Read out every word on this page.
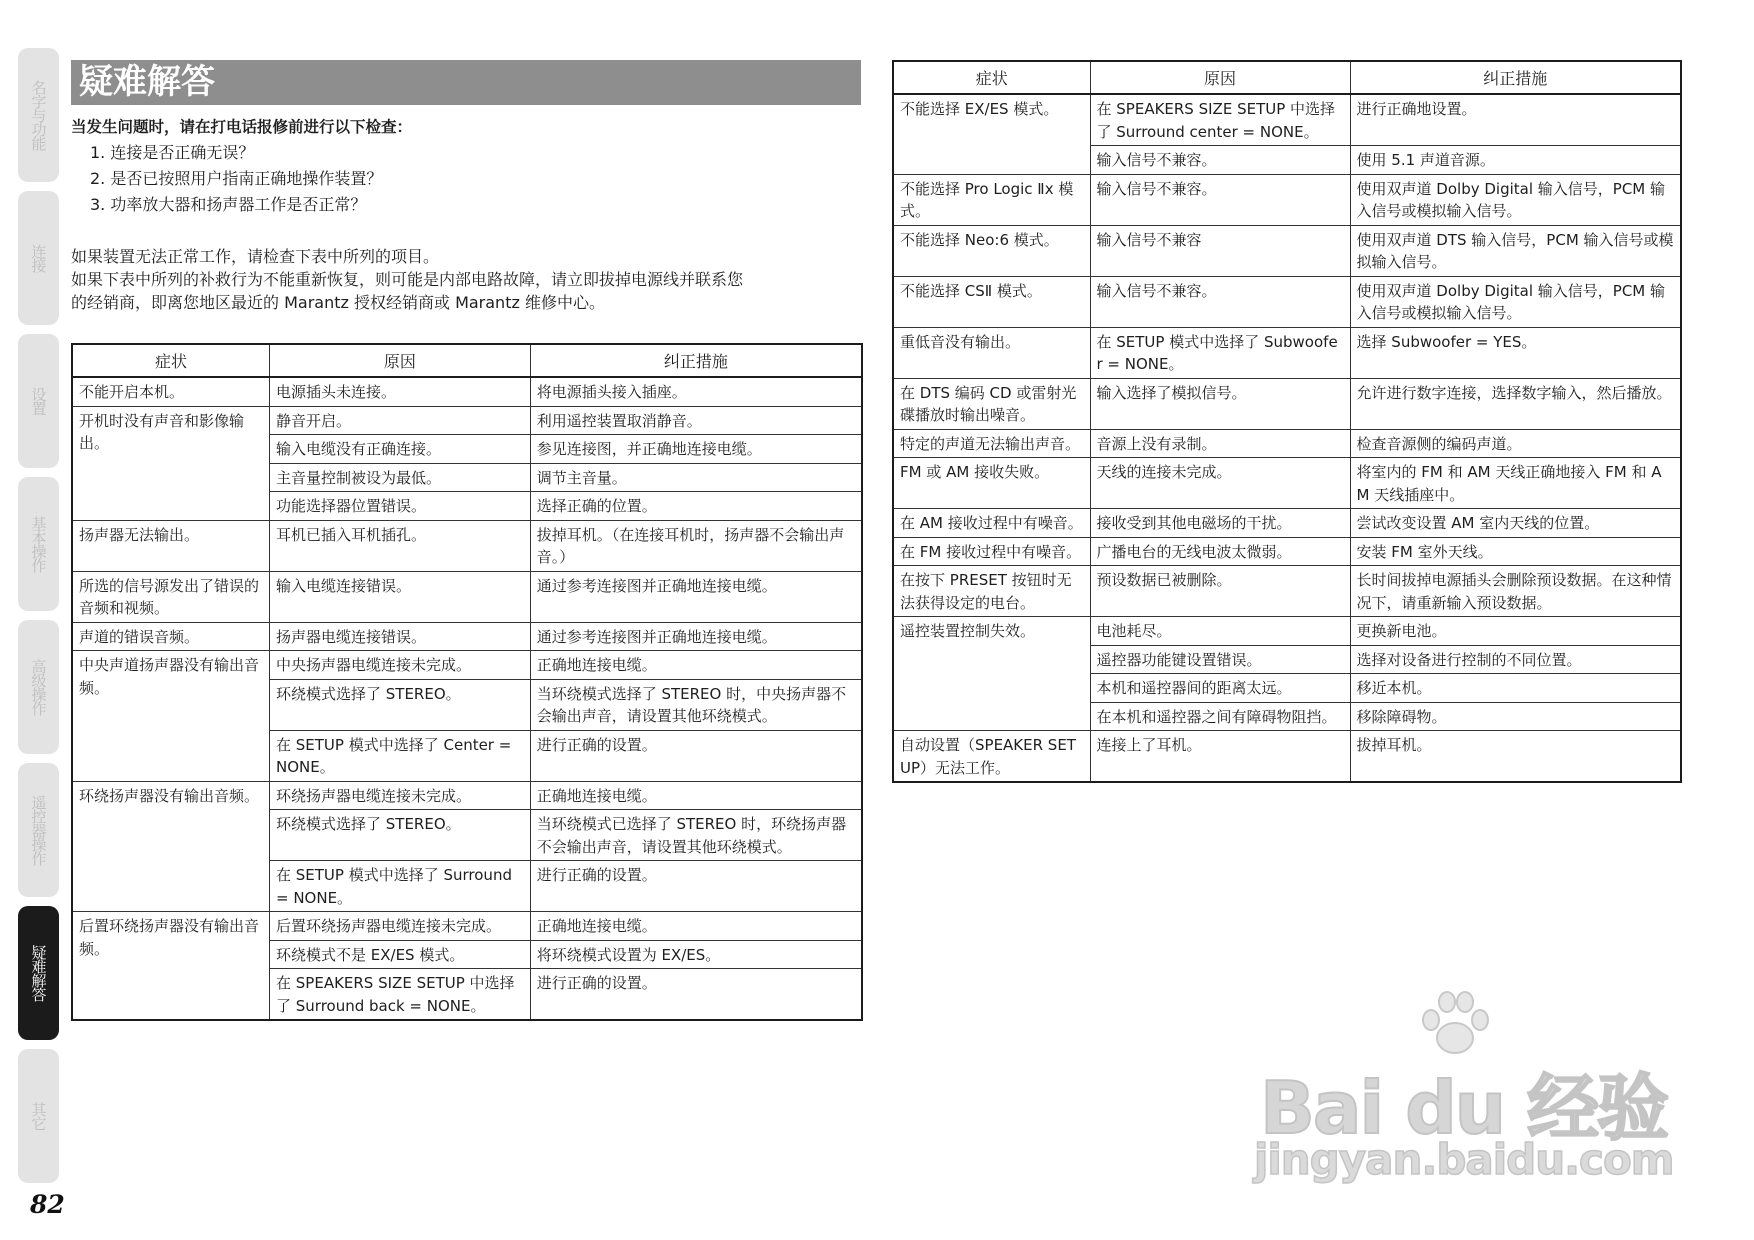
名字与功能
连接
设置
基本操作
高级操作
遥控器操作
疑难解答
其它
82
疑难解答
当发生问题时，请在打电话报修前进行以下检查：
1. 连接是否正确无误？
2. 是否已按照用户指南正确地操作装置？
3. 功率放大器和扬声器工作是否正常？
如果装置无法正常工作，请检查下表中所列的项目。
如果下表中所列的补救行为不能重新恢复，则可能是内部电路故障，请立即拔掉电源线并联系您
的经销商，即离您地区最近的 Marantz 授权经销商或 Marantz 维修中心。
症状	原因	纠正措施
不能开启本机。	电源插头未连接。	将电源插头接入插座。
开机时没有声音和影像输出。	静音开启。	利用遥控装置取消静音。
	输入电缆没有正确连接。	参见连接图，并正确地连接电缆。
	主音量控制被设为最低。	调节主音量。
	功能选择器位置错误。	选择正确的位置。
扬声器无法输出。	耳机已插入耳机插孔。	拔掉耳机。（在连接耳机时，扬声器不会输出声音。）
所选的信号源发出了错误的音频和视频。	输入电缆连接错误。	通过参考连接图并正确地连接电缆。
声道的错误音频。	扬声器电缆连接错误。	通过参考连接图并正确地连接电缆。
中央声道扬声器没有输出音频。	中央扬声器电缆连接未完成。	正确地连接电缆。
	环绕模式选择了 STEREO。	当环绕模式选择了 STEREO 时，中央扬声器不会输出声音，请设置其他环绕模式。
	在 SETUP 模式中选择了 Center = NONE。	进行正确的设置。
环绕扬声器没有输出音频。	环绕扬声器电缆连接未完成。	正确地连接电缆。
	环绕模式选择了 STEREO。	当环绕模式已选择了 STEREO 时，环绕扬声器不会输出声音，请设置其他环绕模式。
	在 SETUP 模式中选择了 Surround = NONE。	进行正确的设置。
后置环绕扬声器没有输出音频。	后置环绕扬声器电缆连接未完成。	正确地连接电缆。
	环绕模式不是 EX/ES 模式。	将环绕模式设置为 EX/ES。
	在 SPEAKERS SIZE SETUP 中选择了 Surround back = NONE。	进行正确的设置。
症状	原因	纠正措施
不能选择 EX/ES 模式。	在 SPEAKERS SIZE SETUP 中选择了 Surround center = NONE。	进行正确地设置。
	输入信号不兼容。	使用 5.1 声道音源。
不能选择 Pro Logic Ⅱx 模式。	输入信号不兼容。	使用双声道 Dolby Digital 输入信号，PCM 输入信号或模拟输入信号。
不能选择 Neo:6 模式。	输入信号不兼容	使用双声道 DTS 输入信号，PCM 输入信号或模拟输入信号。
不能选择 CSⅡ 模式。	输入信号不兼容。	使用双声道 Dolby Digital 输入信号，PCM 输入信号或模拟输入信号。
重低音没有输出。	在 SETUP 模式中选择了 Subwoofer = NONE。	选择 Subwoofer = YES。
在 DTS 编码 CD 或雷射光碟播放时输出噪音。	输入选择了模拟信号。	允许进行数字连接，选择数字输入，然后播放。
特定的声道无法输出声音。	音源上没有录制。	检查音源侧的编码声道。
FM 或 AM 接收失败。	天线的连接未完成。	将室内的 FM 和 AM 天线正确地接入 FM 和 AM 天线插座中。
在 AM 接收过程中有噪音。	接收受到其他电磁场的干扰。	尝试改变设置 AM 室内天线的位置。
在 FM 接收过程中有噪音。	广播电台的无线电波太微弱。	安装 FM 室外天线。
在按下 PRESET 按钮时无法获得设定的电台。	预设数据已被删除。	长时间拔掉电源插头会删除预设数据。在这种情况下，请重新输入预设数据。
遥控装置控制失效。	电池耗尽。	更换新电池。
	遥控器功能键设置错误。	选择对设备进行控制的不同位置。
	本机和遥控器间的距离太远。	移近本机。
	在本机和遥控器之间有障碍物阻挡。	移除障碍物。
自动设置（SPEAKER SETUP）无法工作。	连接上了耳机。	拔掉耳机。
Bai du 经验
jingyan.baidu.com
